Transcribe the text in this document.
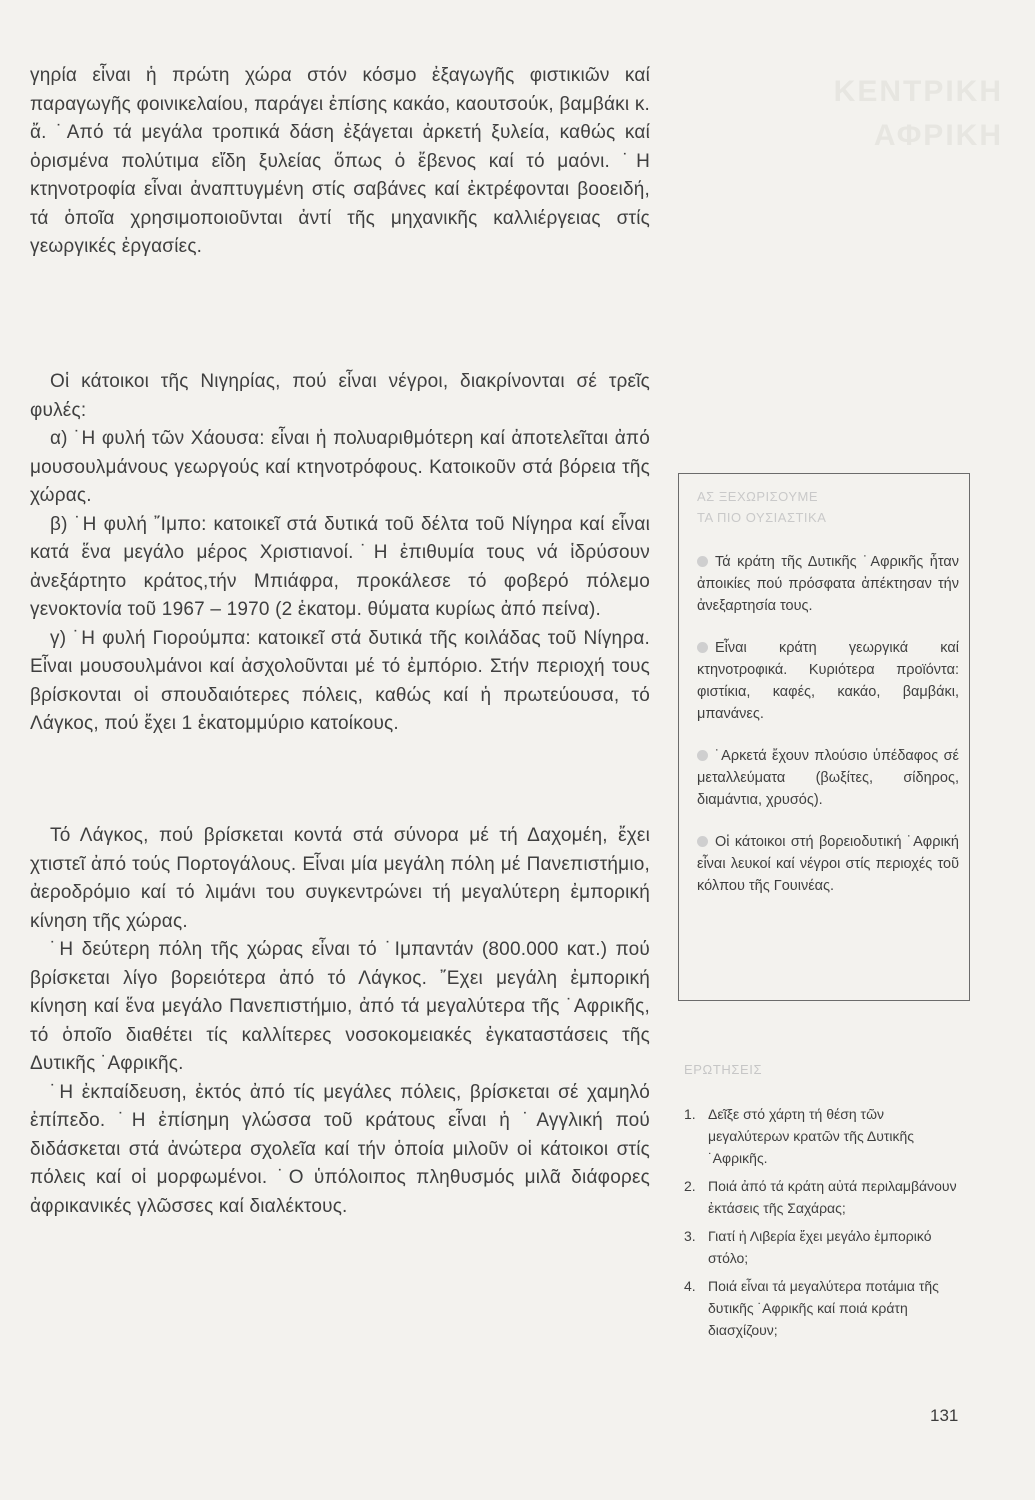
ΚΕΝΤΡΙΚΗ
ΑΦΡΙΚΗ

γηρία εἶναι ἡ πρώτη χώρα στόν κόσμο ἐξαγωγῆς φιστικιῶν καί παραγωγῆς φοινικελαίου, παράγει ἐπίσης κακάο, καουτσούκ, βαμβάκι κ. ἄ. ˙Από τά μεγάλα τροπικά δάση ἐξάγεται ἀρκετή ξυλεία, καθώς καί ὁρισμένα πολύτιμα εἴδη ξυλείας ὅπως ὁ ἔβενος καί τό μαόνι. ˙Η κτηνοτροφία εἶναι ἀναπτυγμένη στίς σαβάνες καί ἐκτρέφονται βοοειδή, τά ὁποῖα χρησιμοποιοῦνται ἀντί τῆς μηχανικῆς καλλιέργειας στίς γεωργικές ἐργασίες.

Οἱ κάτοικοι τῆς Νιγηρίας, πού εἶναι νέγροι, διακρίνονται σέ τρεῖς φυλές:

α) ˙Η φυλή τῶν Χάουσα: εἶναι ἡ πολυαριθμότερη καί ἀποτελεῖται ἀπό μουσουλμάνους γεωργούς καί κτηνοτρόφους. Κατοικοῦν στά βόρεια τῆς χώρας.

β) ˙Η φυλή ῎Ιμπο: κατοικεῖ στά δυτικά τοῦ δέλτα τοῦ Νίγηρα καί εἶναι κατά ἕνα μεγάλο μέρος Χριστιανοί.˙Η ἐπιθυμία τους νά ἱδρύσουν ἀνεξάρτητο κράτος,τήν Μπιάφρα, προκάλεσε τό φοβερό πόλεμο γενοκτονία τοῦ 1967 – 1970 (2 ἑκατομ. θύματα κυρίως ἀπό πείνα).

γ) ˙Η φυλή Γιορούμπα: κατοικεῖ στά δυτικά τῆς κοιλάδας τοῦ Νίγηρα. Εἶναι μουσουλμάνοι καί ἀσχολοῦνται μέ τό ἐμπόριο. Στήν περιοχή τους βρίσκονται οἱ σπουδαιότερες πόλεις, καθώς καί ἡ πρωτεύουσα, τό Λάγκος, πού ἔχει 1 ἑκατομμύριο κατοίκους.

Τό Λάγκος, πού βρίσκεται κοντά στά σύνορα μέ τή Δαχομέη, ἔχει χτιστεῖ ἀπό τούς Πορτογάλους. Εἶναι μία μεγάλη πόλη μέ Πανεπιστήμιο, ἀεροδρόμιο καί τό λιμάνι του συγκεντρώνει τή μεγαλύτερη ἐμπορική κίνηση τῆς χώρας.

˙Η δεύτερη πόλη τῆς χώρας εἶναι τό ˙Ιμπαντάν (800.000 κατ.) πού βρίσκεται λίγο βορειότερα ἀπό τό Λάγκος. ῎Εχει μεγάλη ἐμπορική κίνηση καί ἕνα μεγάλο Πανεπιστήμιο, ἀπό τά μεγαλύτερα τῆς ˙Αφρικῆς, τό ὁποῖο διαθέτει τίς καλλίτερες νοσοκομειακές ἐγκαταστάσεις τῆς Δυτικῆς ˙Αφρικῆς.

˙Η ἐκπαίδευση, ἐκτός ἀπό τίς μεγάλες πόλεις, βρίσκεται σέ χαμηλό ἐπίπεδο. ˙Η ἐπίσημη γλώσσα τοῦ κράτους εἶναι ἡ ˙Αγγλική πού διδάσκεται στά ἀνώτερα σχολεῖα καί τήν ὁποία μιλοῦν οἱ κάτοικοι στίς πόλεις καί οἱ μορφωμένοι. ˙Ο ὑπόλοιπος πληθυσμός μιλᾶ διάφορες ἀφρικανικές γλῶσσες καί διαλέκτους.

ΑΣ ΞΕΧΩΡΙΣΟΥΜΕ
ΤΑ ΠΙΟ ΟΥΣΙΑΣΤΙΚΑ
Τά κράτη τῆς Δυτικῆς ˙Αφρικῆς ἦταν ἀποικίες πού πρόσφατα ἀπέκτησαν τήν ἀνεξαρτησία τους.
Εἶναι κράτη γεωργικά καί κτηνοτροφικά. Κυριότερα προϊόντα: φιστίκια, καφές, κακάο, βαμβάκι, μπανάνες.
˙Αρκετά ἔχουν πλούσιο ὑπέδαφος σέ μεταλλεύματα (βωξίτες, σίδηρος, διαμάντια, χρυσός).
Οἱ κάτοικοι στή βορειοδυτική ˙Αφρική εἶναι λευκοί καί νέγροι στίς περιοχές τοῦ κόλπου τῆς Γουινέας.
ΕΡΩΤΗΣΕΙΣ
1. Δεῖξε στό χάρτη τή θέση τῶν μεγαλύτερων κρατῶν τῆς Δυτικῆς ˙Αφρικῆς.
2. Ποιά ἀπό τά κράτη αὐτά περιλαμβάνουν ἐκτάσεις τῆς Σαχάρας;
3. Γιατί ἡ Λιβερία ἔχει μεγάλο ἐμπορικό στόλο;
4. Ποιά εἶναι τά μεγαλύτερα ποτάμια τῆς δυτικῆς ˙Αφρικῆς καί ποιά κράτη διασχίζουν;
131
